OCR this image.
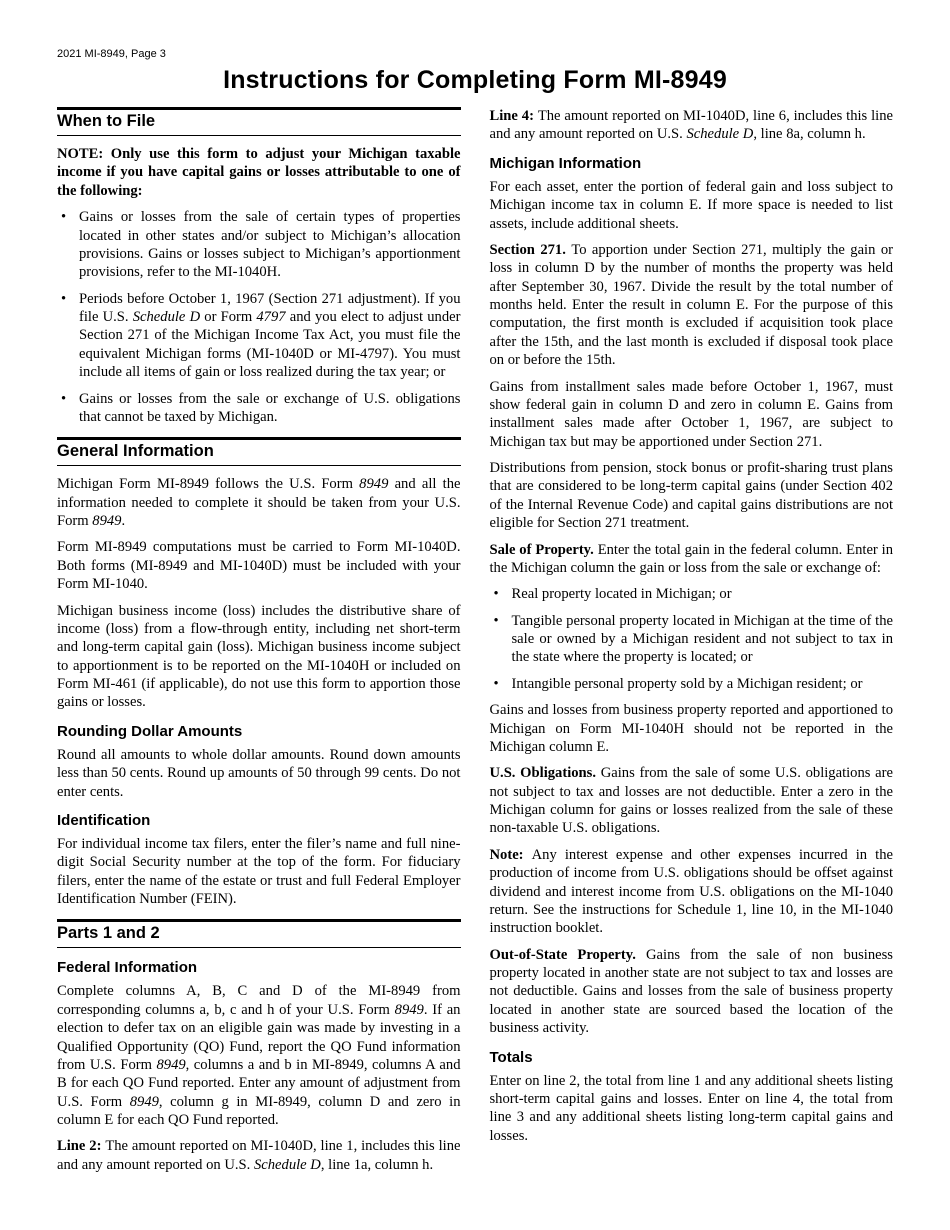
2021 MI-8949, Page 3
Instructions for Completing Form MI-8949
When to File

NOTE: Only use this form to adjust your Michigan taxable income if you have capital gains or losses attributable to one of the following:

• Gains or losses from the sale of certain types of properties located in other states and/or subject to Michigan’s allocation provisions. Gains or losses subject to Michigan’s apportionment provisions, refer to the MI-1040H.
• Periods before October 1, 1967 (Section 271 adjustment). If you file U.S. Schedule D or Form 4797 and you elect to adjust under Section 271 of the Michigan Income Tax Act, you must file the equivalent Michigan forms (MI-1040D or MI-4797). You must include all items of gain or loss realized during the tax year; or
• Gains or losses from the sale or exchange of U.S. obligations that cannot be taxed by Michigan.
General Information

Michigan Form MI-8949 follows the U.S. Form 8949 and all the information needed to complete it should be taken from your U.S. Form 8949.

Form MI-8949 computations must be carried to Form MI-1040D. Both forms (MI-8949 and MI-1040D) must be included with your Form MI-1040.

Michigan business income (loss) includes the distributive share of income (loss) from a flow-through entity, including net short-term and long-term capital gain (loss). Michigan business income subject to apportionment is to be reported on the MI-1040H or included on Form MI-461 (if applicable), do not use this form to apportion those gains or losses.

Rounding Dollar Amounts

Round all amounts to whole dollar amounts. Round down amounts less than 50 cents. Round up amounts of 50 through 99 cents. Do not enter cents.

Identification

For individual income tax filers, enter the filer’s name and full nine-digit Social Security number at the top of the form. For fiduciary filers, enter the name of the estate or trust and full Federal Employer Identification Number (FEIN).

Parts 1 and 2
Federal Information

Complete columns A, B, C and D of the MI-8949 from corresponding columns a, b, c and h of your U.S. Form 8949. If an election to defer tax on an eligible gain was made by investing in a Qualified Opportunity (QO) Fund, report the QO Fund information from U.S. Form 8949, columns a and b in MI-8949, columns A and B for each QO Fund reported. Enter any amount of adjustment from U.S. Form 8949, column g in MI-8949, column D and zero in column E for each QO Fund reported.

Line 2: The amount reported on MI-1040D, line 1, includes this line and any amount reported on U.S. Schedule D, line 1a, column h.

Line 4: The amount reported on MI-1040D, line 6, includes this line and any amount reported on U.S. Schedule D, line 8a, column h.

Michigan Information

For each asset, enter the portion of federal gain and loss subject to Michigan income tax in column E. If more space is needed to list assets, include additional sheets.

Section 271. To apportion under Section 271, multiply the gain or loss in column D by the number of months the property was held after September 30, 1967. Divide the result by the total number of months held. Enter the result in column E. For the purpose of this computation, the first month is excluded if acquisition took place after the 15th, and the last month is excluded if disposal took place on or before the 15th.

Gains from installment sales made before October 1, 1967, must show federal gain in column D and zero in column E. Gains from installment sales made after October 1, 1967, are subject to Michigan tax but may be apportioned under Section 271.

Distributions from pension, stock bonus or profit-sharing trust plans that are considered to be long-term capital gains (under Section 402 of the Internal Revenue Code) and capital gains distributions are not eligible for Section 271 treatment.

Sale of Property. Enter the total gain in the federal column. Enter in the Michigan column the gain or loss from the sale or exchange of:

• Real property located in Michigan; or
• Tangible personal property located in Michigan at the time of the sale or owned by a Michigan resident and not subject to tax in the state where the property is located; or
• Intangible personal property sold by a Michigan resident; or

Gains and losses from business property reported and apportioned to Michigan on Form MI-1040H should not be reported in the Michigan column E.

U.S. Obligations. Gains from the sale of some U.S. obligations are not subject to tax and losses are not deductible. Enter a zero in the Michigan column for gains or losses realized from the sale of these non-taxable U.S. obligations.

Note: Any interest expense and other expenses incurred in the production of income from U.S. obligations should be offset against dividend and interest income from U.S. obligations on the MI-1040 return. See the instructions for Schedule 1, line 10, in the MI-1040 instruction booklet.

Out-of-State Property. Gains from the sale of non business property located in another state are not subject to tax and losses are not deductible. Gains and losses from the sale of business property located in another state are sourced based the location of the business activity.

Totals

Enter on line 2, the total from line 1 and any additional sheets listing short-term capital gains and losses. Enter on line 4, the total from line 3 and any additional sheets listing long-term capital gains and losses.
